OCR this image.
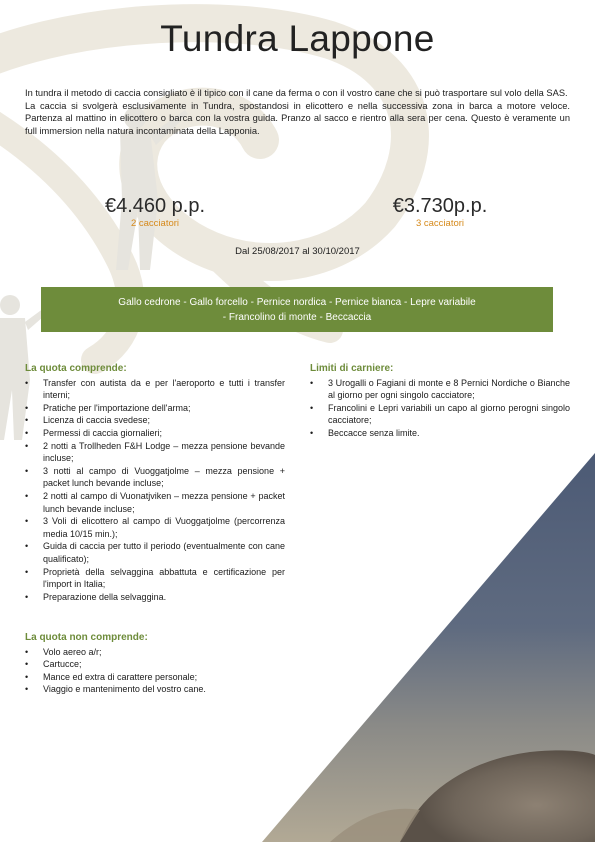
Tundra Lappone

In tundra il metodo di caccia consigliato è il tipico con il cane da ferma o con il vostro cane che si può trasportare sul volo della SAS.

La caccia si svolgerà esclusivamente in Tundra, spostandosi in elicottero e nella successiva zona in barca a motore veloce. Partenza al mattino in elicottero o barca con la vostra guida. Pranzo al sacco e rientro alla sera per cena. Questo è veramente un full immersion nella natura incontaminata della Lapponia.

€4.460 p.p.
2 cacciatori
€3.730p.p.
3 cacciatori
Dal 25/08/2017 al 30/10/2017
Gallo cedrone - Gallo forcello - Pernice nordica - Pernice bianca - Lepre variabile
- Francolino di monte - Beccaccia
La quota comprende:
• Transfer con autista da e per l'aeroporto e tutti i transfer interni;
• Pratiche per l'importazione dell'arma;
• Licenza di caccia svedese;
• Permessi di caccia giornalieri;
• 2 notti a Trollheden F&H Lodge – mezza pensione bevande incluse;
• 3 notti al campo di Vuoggatjolme – mezza pensione + packet lunch bevande incluse;
• 2 notti al campo di Vuonatjviken – mezza pensione + packet lunch bevande incluse;
• 3 Voli di elicottero al campo di Vuoggatjolme (percorrenza media 10/15 min.);
• Guida di caccia per tutto il periodo (eventualmente con cane qualificato);
• Proprietà della selvaggina abbattuta e certificazione per l'import in Italia;
• Preparazione della selvaggina.
La quota non comprende:
• Volo aereo a/r;
• Cartucce;
• Mance ed extra di carattere personale;
• Viaggio e mantenimento del vostro cane.
Limiti di carniere:
• 3 Urogalli o Fagiani di monte e 8 Pernici Nordiche o Bianche al giorno per ogni singolo cacciatore;
• Francolini e Lepri variabili un capo al giorno perogni singolo cacciatore;
• Beccacce senza limite.
